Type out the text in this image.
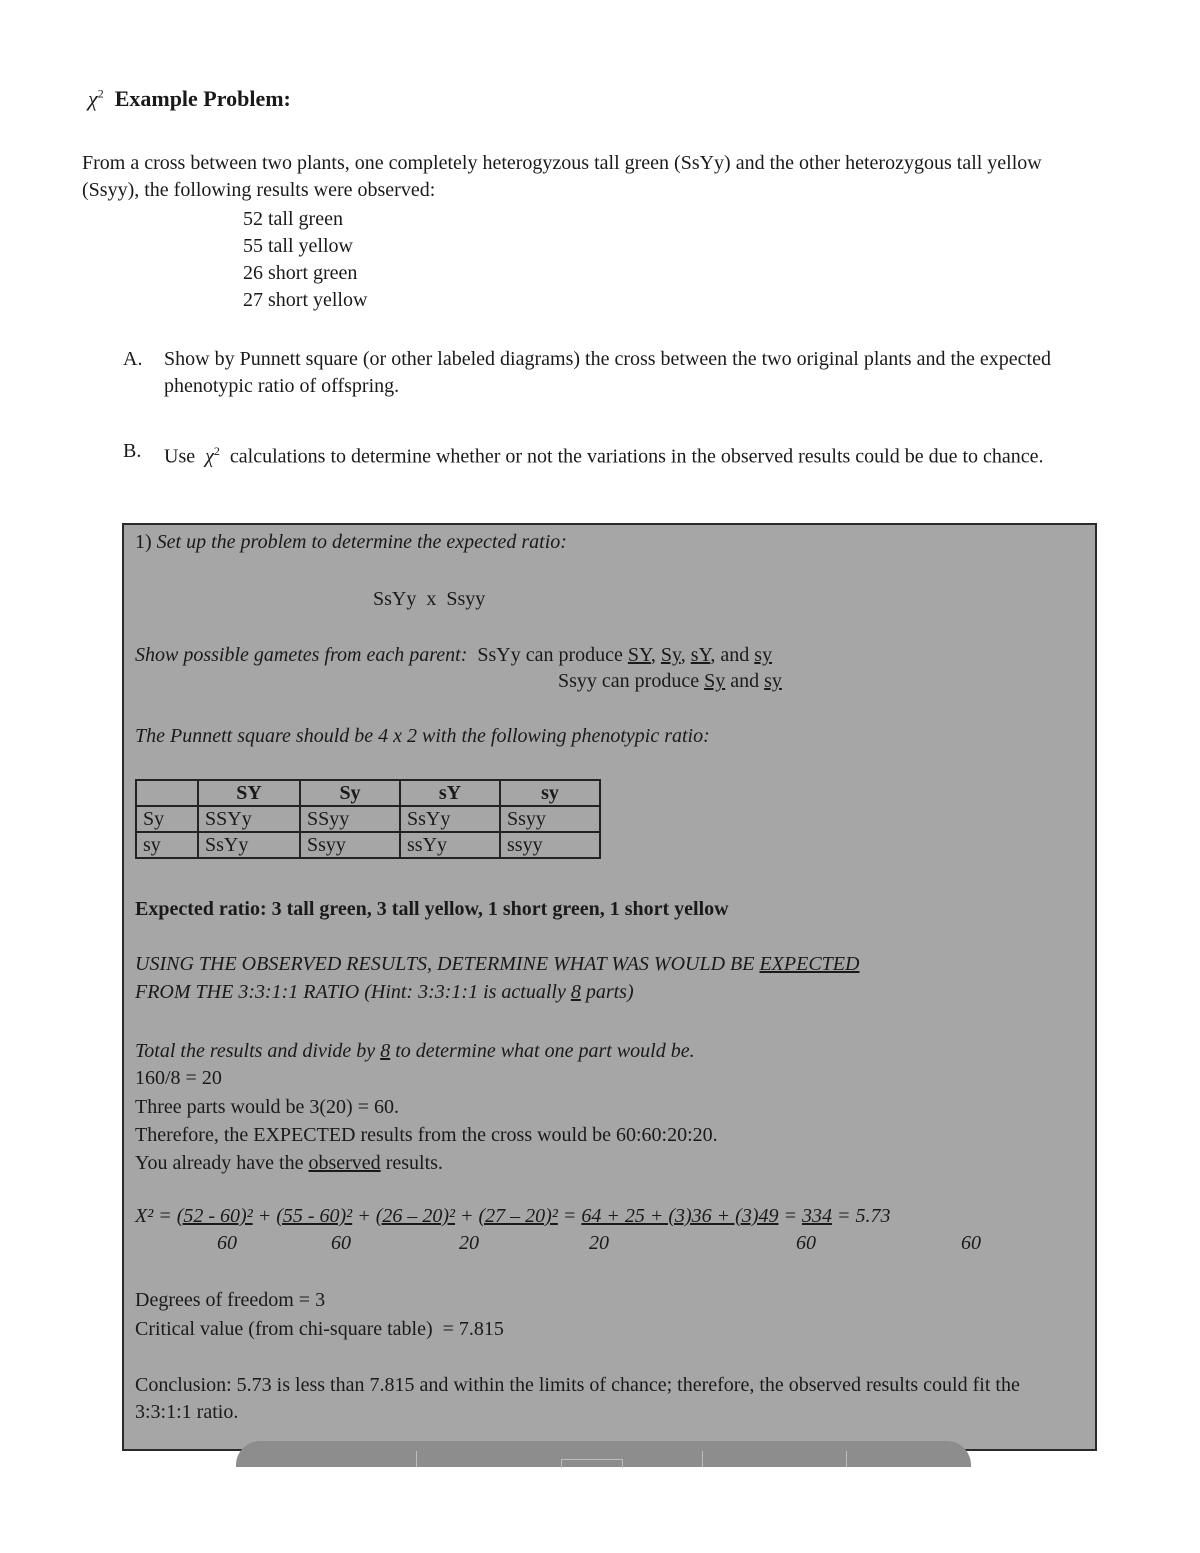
$\chi^2$ Example Problem:
From a cross between two plants, one completely heterogyzous tall green (SsYy) and the other heterozygous tall yellow (Ssyy), the following results were observed:
52 tall green
55 tall yellow
26 short green
27 short yellow
A. Show by Punnett square (or other labeled diagrams) the cross between the two original plants and the expected phenotypic ratio of offspring.
B. Use $\chi^2$ calculations to determine whether or not the variations in the observed results could be due to chance.
1) Set up the problem to determine the expected ratio:
SsYy  x  Ssyy
Show possible gametes from each parent: SsYy can produce SY, Sy, sY, and sy
Ssyy can produce Sy and sy
The Punnett square should be 4 x 2 with the following phenotypic ratio:
	SY	Sy	sY	sy
Sy	SSYy	SSyy	SsYy	Ssyy
sy	SsYy	Ssyy	ssYy	ssyy
Expected ratio: 3 tall green, 3 tall yellow, 1 short green, 1 short yellow
USING THE OBSERVED RESULTS, DETERMINE WHAT WAS WOULD BE EXPECTED
FROM THE 3:3:1:1 RATIO (Hint: 3:3:1:1 is actually 8 parts)
Total the results and divide by 8 to determine what one part would be.
160/8 = 20
Three parts would be 3(20) = 60.
Therefore, the EXPECTED results from the cross would be 60:60:20:20.
You already have the observed results.
X² = (52 - 60)² + (55 - 60)² + (26 – 20)² + (27 – 20)² = 64 + 25 + (3)36 + (3)49 = 334 = 5.73
60	60	20	20	60	60
Degrees of freedom = 3
Critical value (from chi-square table)  = 7.815
Conclusion: 5.73 is less than 7.815 and within the limits of chance; therefore, the observed results could fit the 3:3:1:1 ratio.
